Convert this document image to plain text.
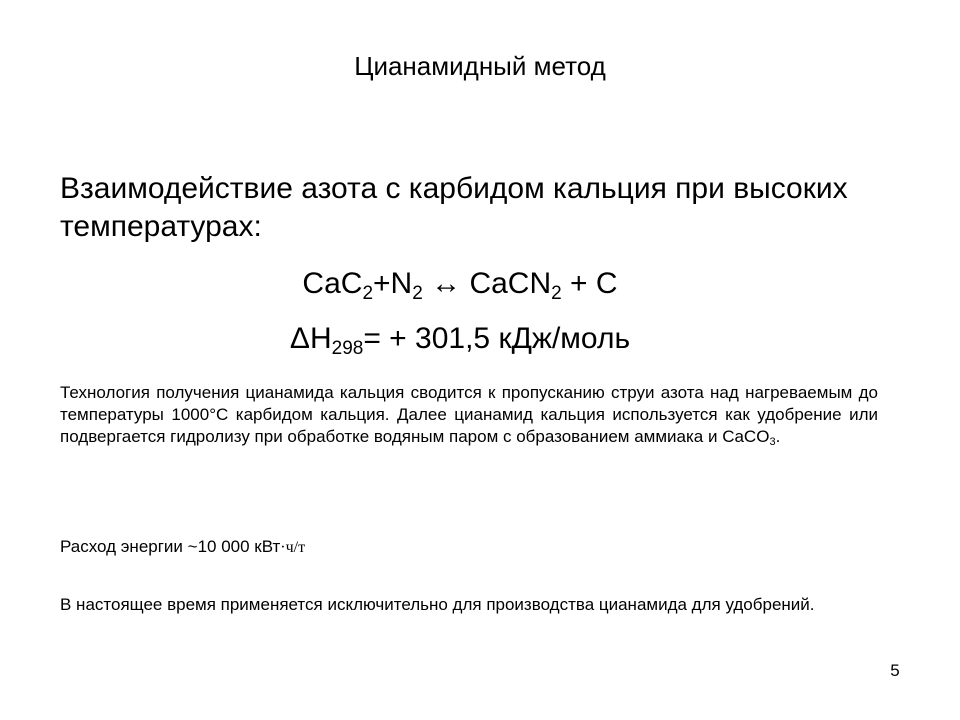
Цианамидный метод
Взаимодействие азота с карбидом кальция при высоких температурах:
$CaC_2+N_2$ ↔ CaCN$_2$ + C
$\Delta H_{298}= + 301,5$ кДж/моль
Технология получения цианамида кальция сводится к пропусканию струи азота над нагреваемым до температуры 1000°С карбидом кальция. Далее цианамид кальция используется как удобрение или подвергается гидролизу при обработке водяным паром с образованием аммиака и CaCO$_3$.
Расход энергии ~10 000 кВт·ч/т
В настоящее время применяется исключительно для производства цианамида для удобрений.
5
